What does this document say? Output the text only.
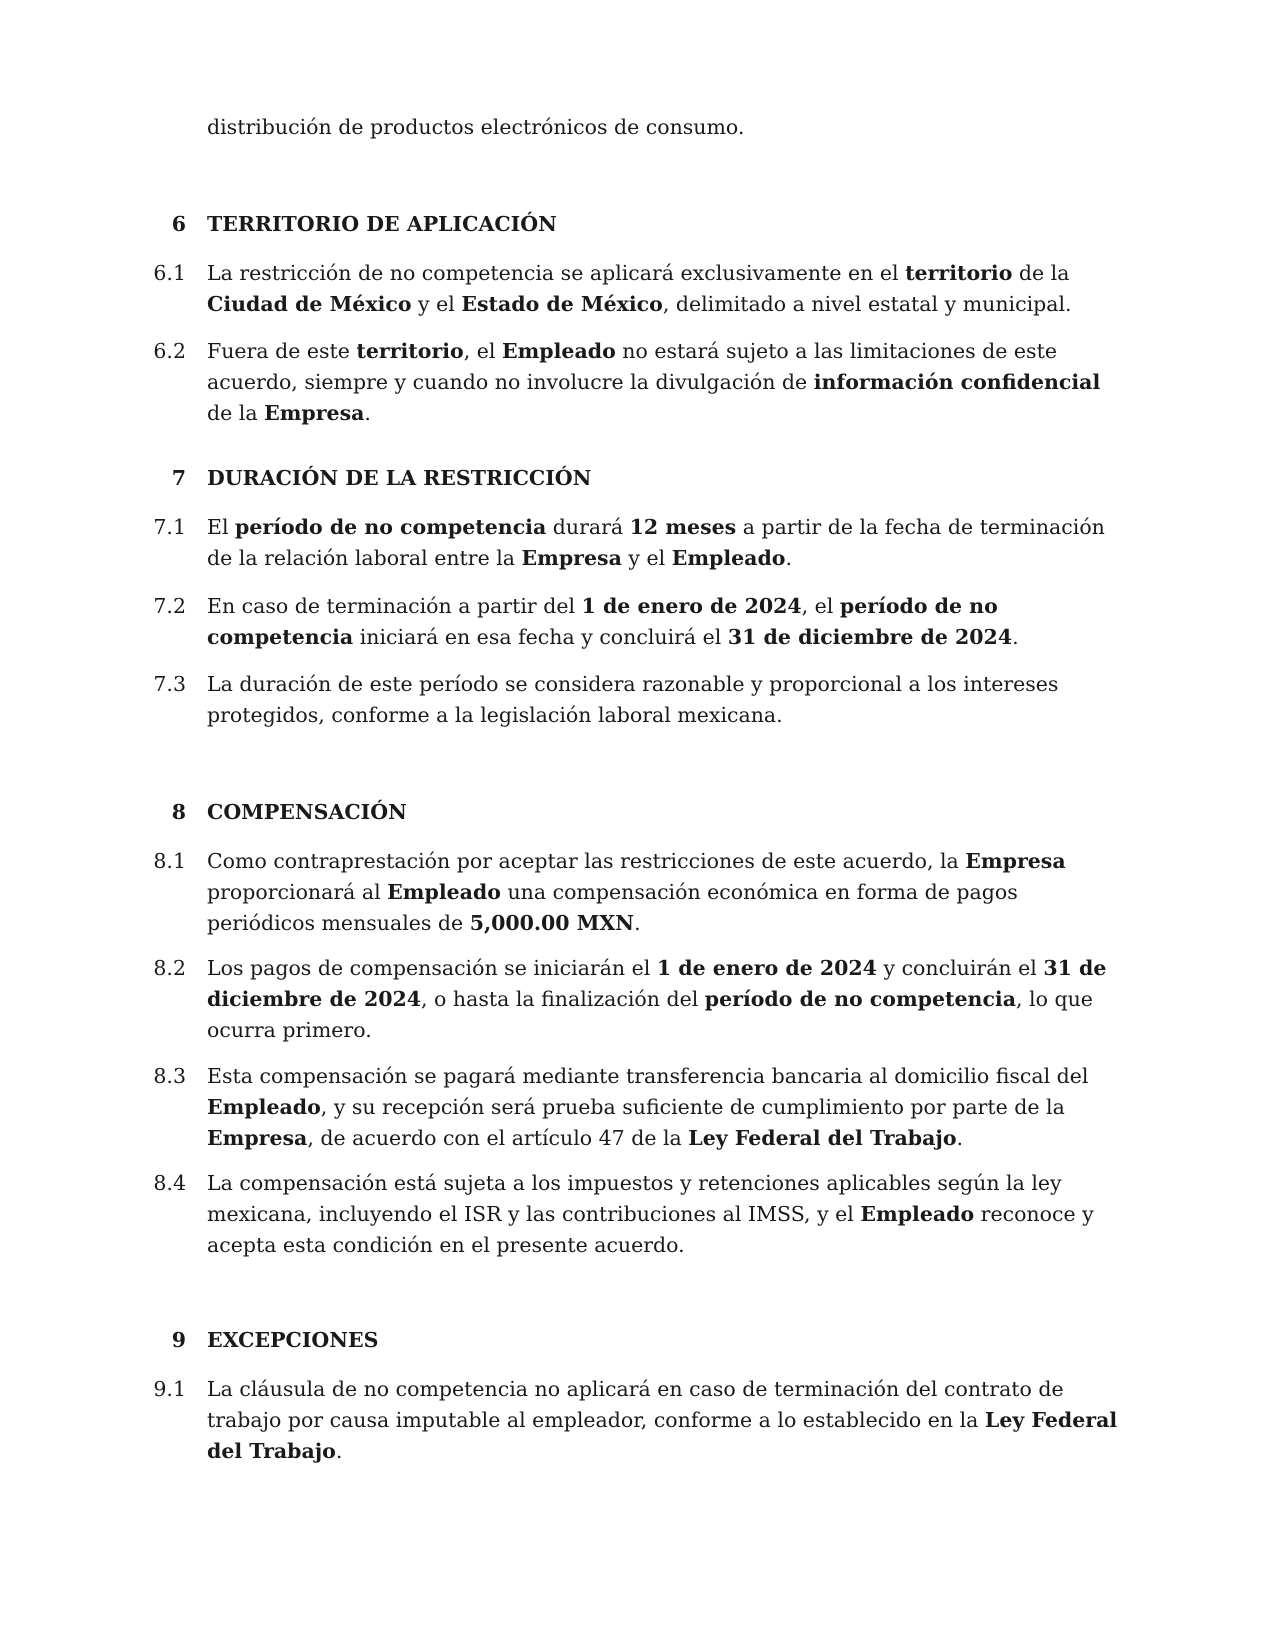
distribución de productos electrónicos de consumo.
6 TERRITORIO DE APLICACIÓN
6.1 La restricción de no competencia se aplicará exclusivamente en el territorio de la Ciudad de México y el Estado de México, delimitado a nivel estatal y municipal.
6.2 Fuera de este territorio, el Empleado no estará sujeto a las limitaciones de este acuerdo, siempre y cuando no involucre la divulgación de información confidencial de la Empresa.
7 DURACIÓN DE LA RESTRICCIÓN
7.1 El período de no competencia durará 12 meses a partir de la fecha de terminación de la relación laboral entre la Empresa y el Empleado.
7.2 En caso de terminación a partir del 1 de enero de 2024, el período de no competencia iniciará en esa fecha y concluirá el 31 de diciembre de 2024.
7.3 La duración de este período se considera razonable y proporcional a los intereses protegidos, conforme a la legislación laboral mexicana.
8 COMPENSACIÓN
8.1 Como contraprestación por aceptar las restricciones de este acuerdo, la Empresa proporcionará al Empleado una compensación económica en forma de pagos periódicos mensuales de 5,000.00 MXN.
8.2 Los pagos de compensación se iniciarán el 1 de enero de 2024 y concluirán el 31 de diciembre de 2024, o hasta la finalización del período de no competencia, lo que ocurra primero.
8.3 Esta compensación se pagará mediante transferencia bancaria al domicilio fiscal del Empleado, y su recepción será prueba suficiente de cumplimiento por parte de la Empresa, de acuerdo con el artículo 47 de la Ley Federal del Trabajo.
8.4 La compensación está sujeta a los impuestos y retenciones aplicables según la ley mexicana, incluyendo el ISR y las contribuciones al IMSS, y el Empleado reconoce y acepta esta condición en el presente acuerdo.
9 EXCEPCIONES
9.1 La cláusula de no competencia no aplicará en caso de terminación del contrato de trabajo por causa imputable al empleador, conforme a lo establecido en la Ley Federal del Trabajo.
